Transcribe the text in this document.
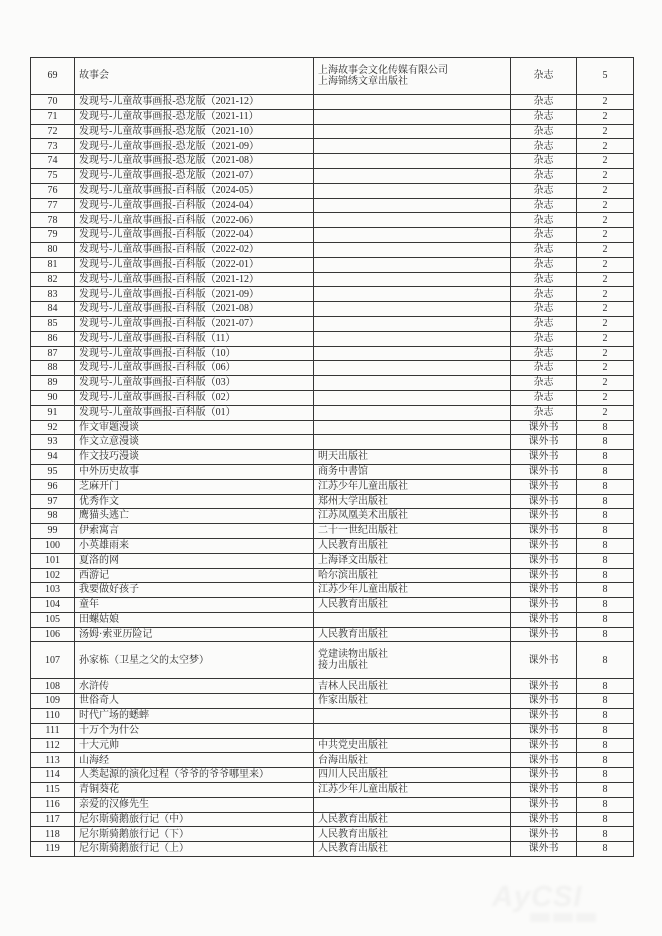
69	故事会	上海故事会文化传媒有限公司
上海锦绣文章出版社	杂志	5
70	发现号-儿童故事画报-恐龙版（2021-12）		杂志	2
71	发现号-儿童故事画报-恐龙版（2021-11）		杂志	2
72	发现号-儿童故事画报-恐龙版（2021-10）		杂志	2
73	发现号-儿童故事画报-恐龙版（2021-09）		杂志	2
74	发现号-儿童故事画报-恐龙版（2021-08）		杂志	2
75	发现号-儿童故事画报-恐龙版（2021-07）		杂志	2
76	发现号-儿童故事画报-百科版（2024-05）		杂志	2
77	发现号-儿童故事画报-百科版（2024-04）		杂志	2
78	发现号-儿童故事画报-百科版（2022-06）		杂志	2
79	发现号-儿童故事画报-百科版（2022-04）		杂志	2
80	发现号-儿童故事画报-百科版（2022-02）		杂志	2
81	发现号-儿童故事画报-百科版（2022-01）		杂志	2
82	发现号-儿童故事画报-百科版（2021-12）		杂志	2
83	发现号-儿童故事画报-百科版（2021-09）		杂志	2
84	发现号-儿童故事画报-百科版（2021-08）		杂志	2
85	发现号-儿童故事画报-百科版（2021-07）		杂志	2
86	发现号-儿童故事画报-百科版（11）		杂志	2
87	发现号-儿童故事画报-百科版（10）		杂志	2
88	发现号-儿童故事画报-百科版（06）		杂志	2
89	发现号-儿童故事画报-百科版（03）		杂志	2
90	发现号-儿童故事画报-百科版（02）		杂志	2
91	发现号-儿童故事画报-百科版（01）		杂志	2
92	作文审题漫谈		课外书	8
93	作文立意漫谈		课外书	8
94	作文技巧漫谈	明天出版社	课外书	8
95	中外历史故事	商务中書馆	课外书	8
96	芝麻开门	江苏少年儿童出版社	课外书	8
97	优秀作文	郑州大学出版社	课外书	8
98	鹰猫头逃亡	江苏凤凰美术出版社	课外书	8
99	伊索寓言	二十一世纪出版社	课外书	8
100	小英雄雨来	人民教育出版社	课外书	8
101	夏洛的网	上海译文出版社	课外书	8
102	西游记	哈尔滨出版社	课外书	8
103	我要做好孩子	江苏少年儿童出版社	课外书	8
104	童年	人民教育出版社	课外书	8
105	田螺姑娘		课外书	8
106	汤姆·索亚历险记	人民教育出版社	课外书	8
107	孙家栋（卫星之父的太空梦）	党建读物出版社
接力出版社	课外书	8
108	水浒传	吉林人民出版社	课外书	8
109	世俗奇人	作家出版社	课外书	8
110	时代广场的蟋蟀		课外书	8
111	十万个为什公		课外书	8
112	十大元帅	中共党史出版社	课外书	8
113	山海经	台海出版社	课外书	8
114	人类起源的演化过程（爷爷的爷爷哪里来）	四川人民出版社	课外书	8
115	青铜葵花	江苏少年儿童出版社	课外书	8
116	亲爱的汉修先生		课外书	8
117	尼尔斯骑鹅旅行记（中）	人民教育出版社	课外书	8
118	尼尔斯骑鹅旅行记（下）	人民教育出版社	课外书	8
119	尼尔斯骑鹅旅行记（上）	人民教育出版社	课外书	8
AyCSI
